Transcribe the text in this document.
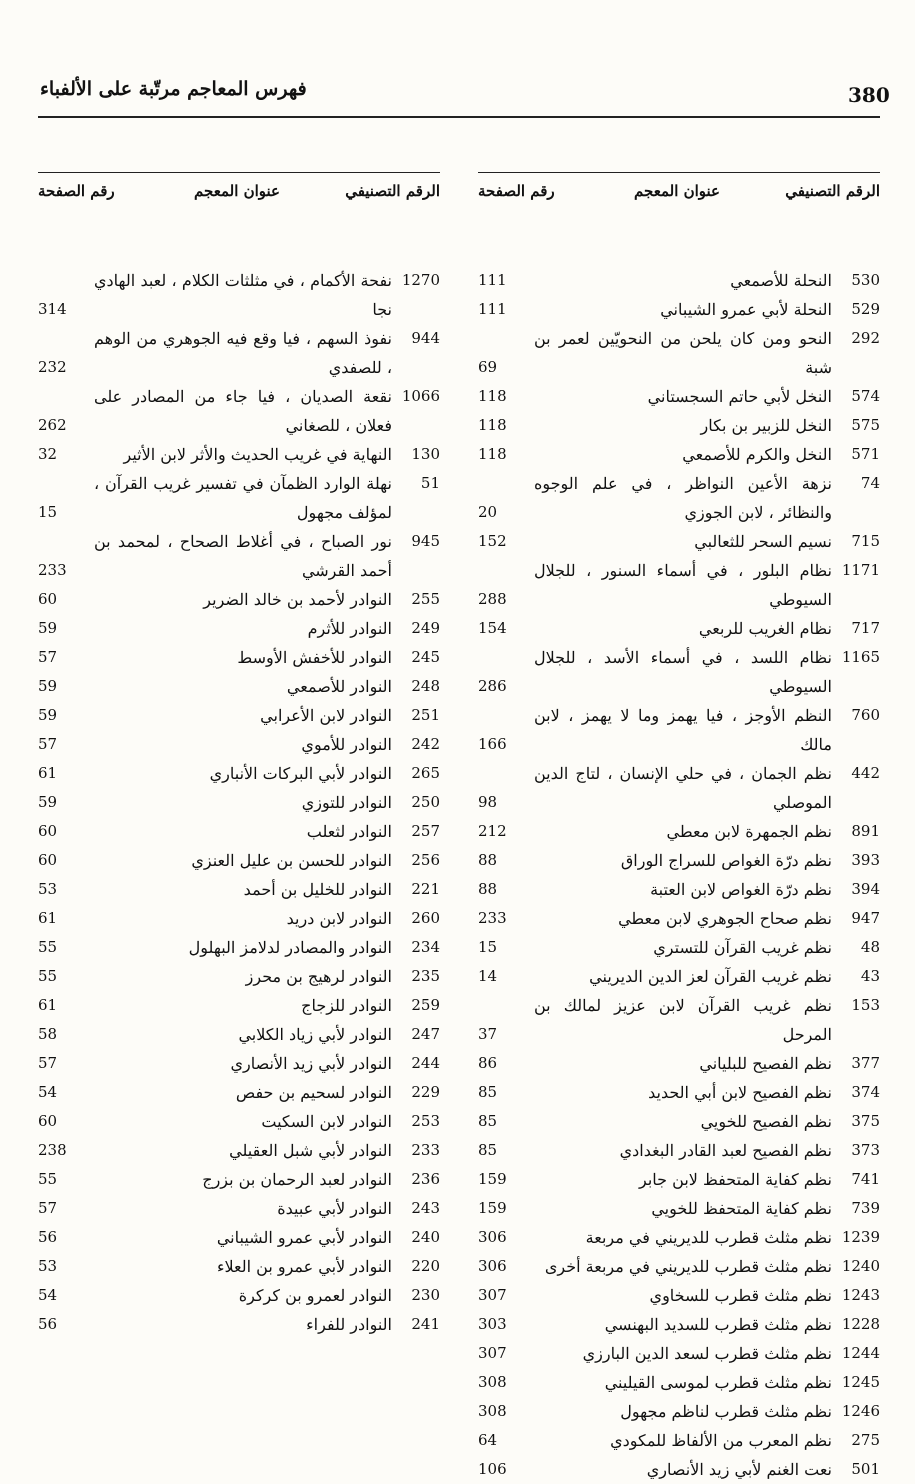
380
فهرس المعاجم مرتّبة على الألفباء
الرقم التصنيفي
عنوان المعجم
رقم الصفحة
530
النحلة للأصمعي
111
529
النحلة لأبي عمرو الشيباني
111
292
النحو ومن كان يلحن من النحويّين لعمر بن شبة
69
574
النخل لأبي حاتم السجستاني
118
575
النخل للزبير بن بكار
118
571
النخل والكرم للأصمعي
118
74
نزهة الأعين النواظر ، في علم الوجوه والنظائر ، لابن الجوزي
20
715
نسيم السحر للثعالبي
152
1171
نظام البلور ، في أسماء السنور ، للجلال السيوطي
288
717
نظام الغريب للربعي
154
1165
نظام اللسد ، في أسماء الأسد ، للجلال السيوطي
286
760
النظم الأوجز ، فيا يهمز وما لا يهمز ، لابن مالك
166
442
نظم الجمان ، في حلي الإنسان ، لتاج الدين الموصلي
98
891
نظم الجمهرة لابن معطي
212
393
نظم درّة الغواص للسراج الوراق
88
394
نظم درّة الغواص لابن العتبة
88
947
نظم صحاح الجوهري لابن معطي
233
48
نظم غريب القرآن للتستري
15
43
نظم غريب القرآن لعز الدين الديريني
14
153
نظم غريب القرآن لابن عزيز لمالك بن المرحل
37
377
نظم الفصيح للبلياني
86
374
نظم الفصيح لابن أبي الحديد
85
375
نظم الفصيح للخويي
85
373
نظم الفصيح لعبد القادر البغدادي
85
741
نظم كفاية المتحفظ لابن جابر
159
739
نظم كفاية المتحفظ للخويي
159
1239
نظم مثلث قطرب للديريني في مربعة
306
1240
نظم مثلث قطرب للديريني في مربعة أخرى
306
1243
نظم مثلث قطرب للسخاوي
307
1228
نظم مثلث قطرب للسديد البهنسي
303
1244
نظم مثلث قطرب لسعد الدين البارزي
307
1245
نظم مثلث قطرب لموسى القيليني
308
1246
نظم مثلث قطرب لناظم مجهول
308
275
نظم المعرب من الألفاظ للمكودي
64
501
نعت الغنم لأبي زيد الأنصاري
106
الرقم التصنيفي
عنوان المعجم
رقم الصفحة
1270
نفحة الأكمام ، في مثلثات الكلام ، لعبد الهادي نجا
314
944
نفوذ السهم ، فيا وقع فيه الجوهري من الوهم ، للصفدي
232
1066
نقعة الصديان ، فيا جاء من المصادر على فعلان ، للصغاني
262
130
النهاية في غريب الحديث والأثر لابن الأثير
32
51
نهلة الوارد الظمآن في تفسير غريب القرآن ، لمؤلف مجهول
15
945
نور الصباح ، في أغلاط الصحاح ، لمحمد بن أحمد القرشي
233
255
النوادر لأحمد بن خالد الضرير
60
249
النوادر للأثرم
59
245
النوادر للأخفش الأوسط
57
248
النوادر للأصمعي
59
251
النوادر لابن الأعرابي
59
242
النوادر للأموي
57
265
النوادر لأبي البركات الأنباري
61
250
النوادر للتوزي
59
257
النوادر لثعلب
60
256
النوادر للحسن بن عليل العنزي
60
221
النوادر للخليل بن أحمد
53
260
النوادر لابن دريد
61
234
النوادر والمصادر لدلامز البهلول
55
235
النوادر لرهيج بن محرز
55
259
النوادر للزجاج
61
247
النوادر لأبي زياد الكلابي
58
244
النوادر لأبي زيد الأنصاري
57
229
النوادر لسحيم بن حفص
54
253
النوادر لابن السكيت
60
233
النوادر لأبي شبل العقيلي
238
236
النوادر لعبد الرحمان بن بزرج
55
243
النوادر لأبي عبيدة
57
240
النوادر لأبي عمرو الشيباني
56
220
النوادر لأبي عمرو بن العلاء
53
230
النوادر لعمرو بن كركرة
54
241
النوادر للفراء
56
